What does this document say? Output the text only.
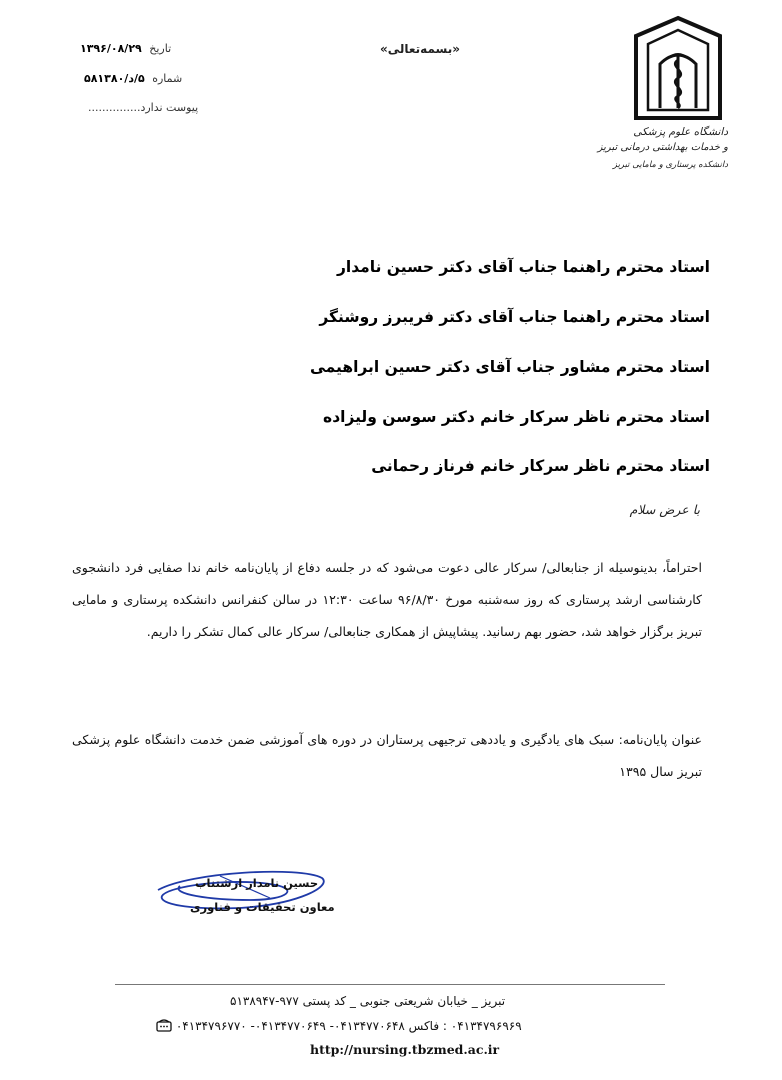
دانشگاه علوم پزشکی
و خدمات بهداشتی درمانی تبریز
دانشکده پرستاری و مامایی تبریز
«بسمه‌تعالی»
تاریخ ۱۳۹۶/۰۸/۲۹
شماره ۵/د/۵۸۱۳۸۰
پیوست ندارد...............
استاد محترم راهنما جناب آقای دکتر حسین نامدار
استاد محترم راهنما جناب آقای دکتر فریبرز روشنگر
استاد محترم مشاور جناب آقای دکتر حسین ابراهیمی
استاد محترم ناظر سرکار خانم دکتر سوسن ولیزاده
استاد محترم ناظر سرکار خانم فرناز رحمانی
با عرض سلام
احتراماً، بدینوسیله از جنابعالی/ سرکار عالی دعوت می‌شود که در جلسه دفاع از پایان‌نامه خانم ندا صفایی فرد دانشجوی کارشناسی ارشد پرستاری که روز سه‌شنبه مورخ ۹۶/۸/۳۰ ساعت ۱۲:۳۰ در سالن کنفرانس دانشکده پرستاری و مامایی تبریز برگزار خواهد شد، حضور بهم رسانید. پیشاپیش از همکاری جنابعالی/ سرکار عالی کمال تشکر را داریم.
عنوان پایان‌نامه: سبک های یادگیری و یاددهی ترجیهی پرستاران در دوره های آموزشی ضمن خدمت دانشگاه علوم پزشکی تبریز سال ۱۳۹۵
حسین نامدار ارشتناب
معاون تحقیقات و فناوری
تبریز _ خیابان شریعتی جنوبی _ کد پستی ۹۷۷-۵۱۳۸۹۴۷
۰۴۱۳۴۷۹۶۹۶۹ : فاکس ۰۴۱۳۴۷۷۰۶۴۸- ۰۴۱۳۴۷۷۰۶۴۹- ۰۴۱۳۴۷۹۶۷۷۰
http://nursing.tbzmed.ac.ir
